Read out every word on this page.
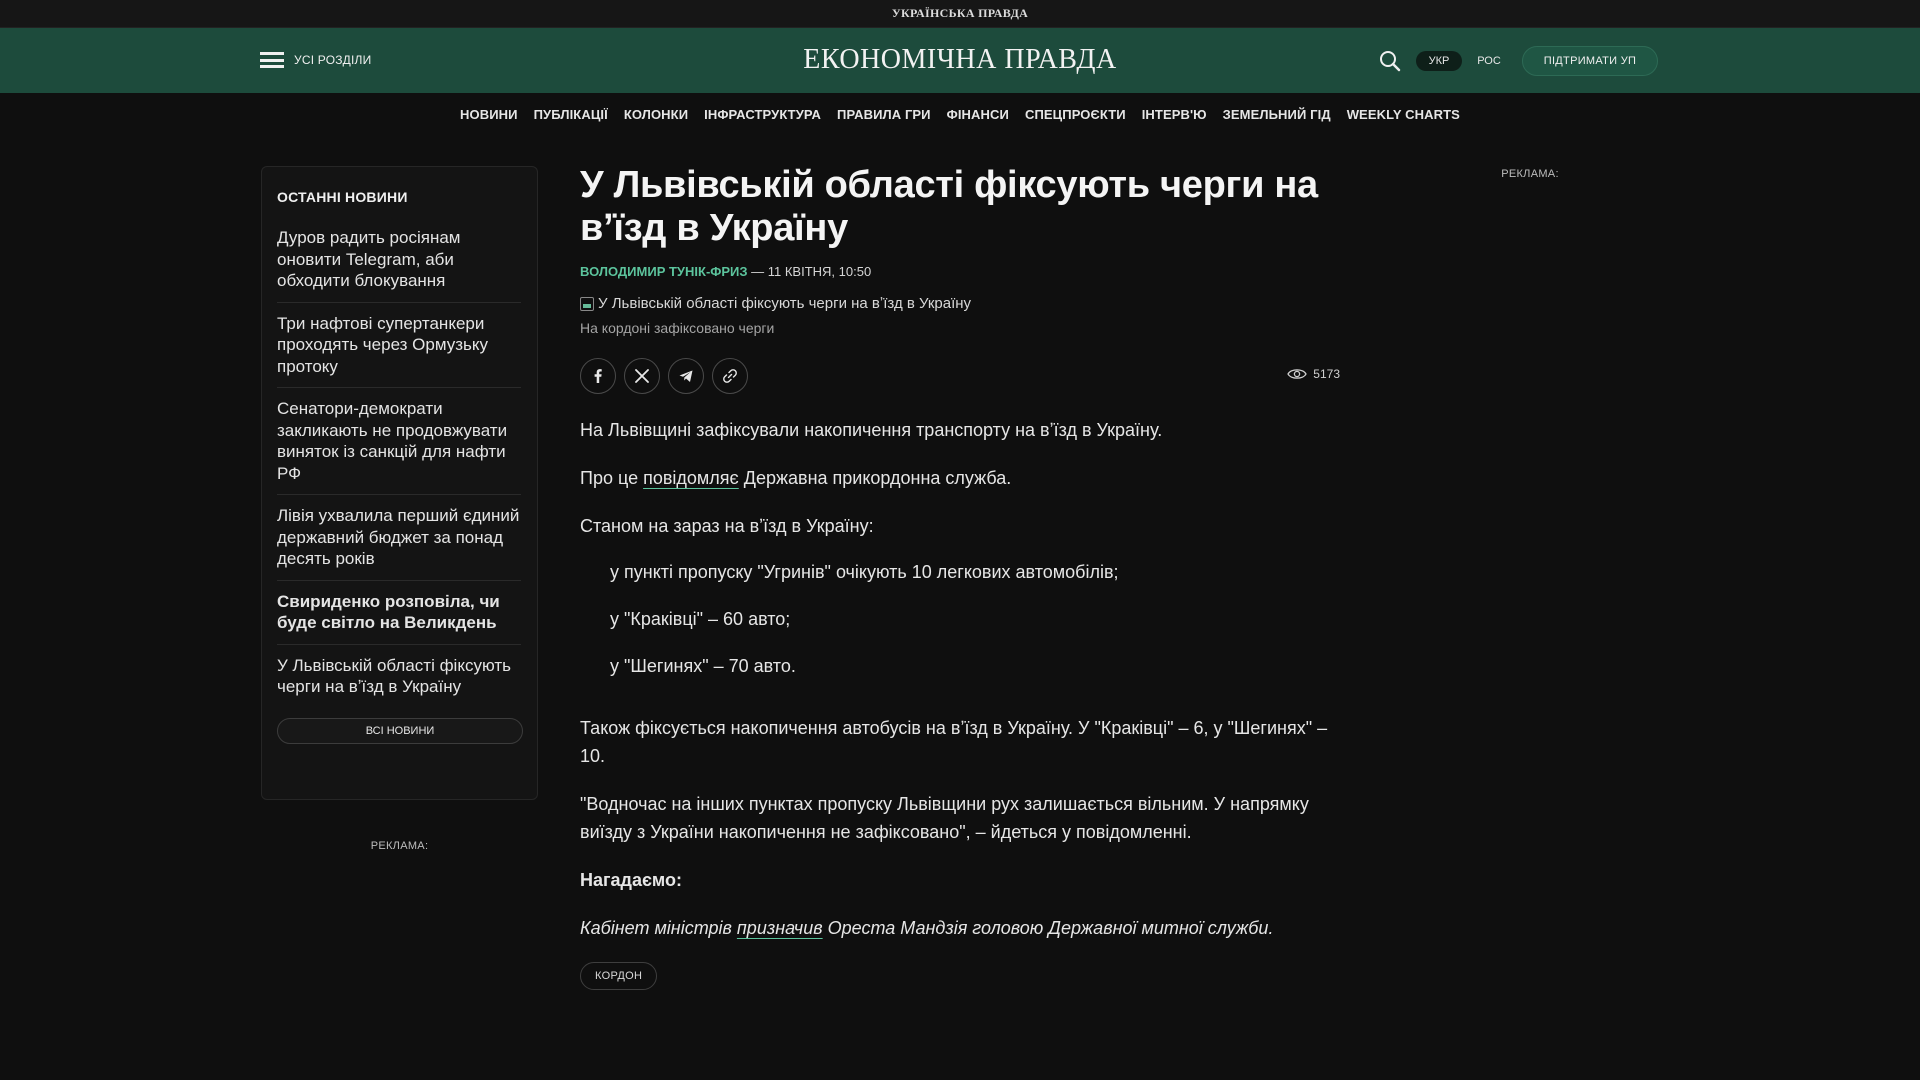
УКРАЇНСЬКА ПРАВДА
УСІ РОЗДІЛИ	ЕКОНОМІЧНА ПРАВДА	УКР	РОС	ПІДТРИМАТИ УП
НОВИНИ ПУБЛІКАЦІЇ КОЛОНКИ ІНФРАСТРУКТУРА ПРАВИЛА ГРИ ФІНАНСИ СПЕЦПРОЄКТИ ІНТЕРВ'Ю ЗЕМЕЛЬНИЙ ГІД WEEKLY CHARTS
ОСТАННІ НОВИНИ
Дуров радить росіянам оновити Telegram, аби обходити блокування
Три нафтові супертанкери проходять через Ормузьку протоку
Сенатори-демократи закликають не продовжувати виняток із санкцій для нафти РФ
Лівія ухвалила перший єдиний державний бюджет за понад десять років
Свириденко розповіла, чи буде світло на Великдень
У Львівській області фіксують черги на вʼїзд в Україну
ВСІ НОВИНИ
РЕКЛАМА:
РЕКЛАМА:
У Львівській області фіксують черги на вʼїзд в Україну
ВОЛОДИМИР ТУНІК-ФРИЗ — 11 КВІТНЯ, 10:50
У Львівській області фіксують черги на вʼїзд в Україну
На кордоні зафіксовано черги
5173

На Львівщині зафіксували накопичення транспорту на вʼїзд в Україну.

Про це повідомляє Державна прикордонна служба.

Станом на зараз на вʼїзд в Україну:

у пункті пропуску "Угринів" очікують 10 легкових автомобілів;
у "Краківці" – 60 авто;
у "Шегинях" – 70 авто.

Також фіксується накопичення автобусів на вʼїзд в Україну. У "Краківці" – 6, у "Шегинях" – 10.

"Водночас на інших пунктах пропуску Львівщини рух залишається вільним. У напрямку виїзду з України накопичення не зафіксовано", – йдеться у повідомленні.

Нагадаємо:

Кабінет міністрів призначив Ореста Мандзія головою Державної митної служби.

КОРДОН
